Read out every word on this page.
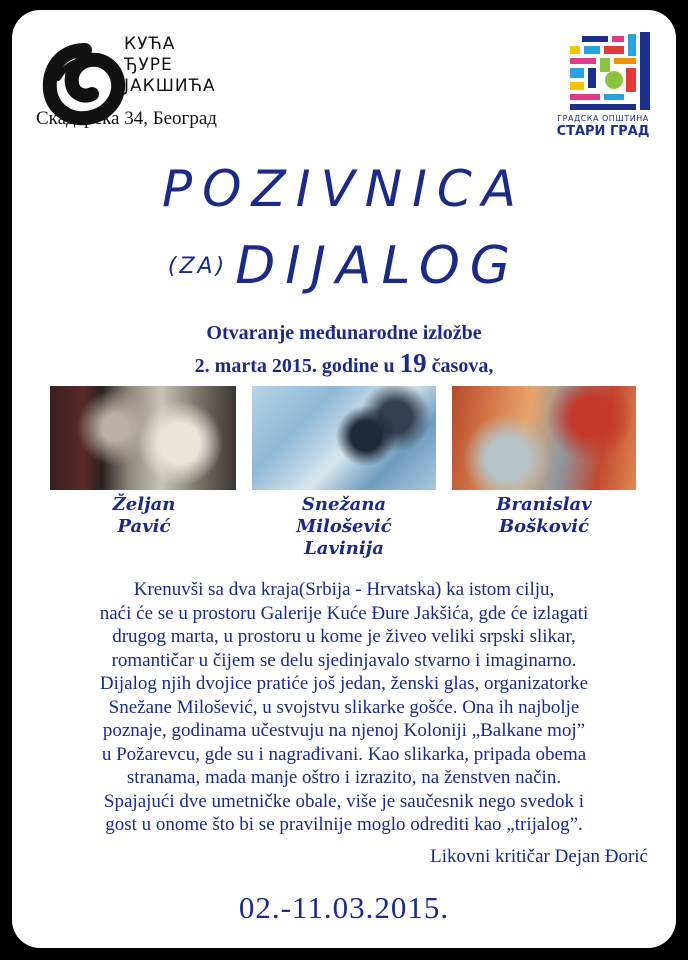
КУЋА
ЂУРЕ
ЈАКШИЋА
Скадарска 34, Београд	ГРАДСКА ОПШТИНА
СТАРИ ГРАД
POZIVNICA
(ZA) DIJALOG
Otvaranje međunarodne izložbe
2. marta 2015. godine u 19 časova,
Željan
Pavić
Snežana
Milošević
Lavinija
Branislav
Bošković
Krenuvši sa dva kraja(Srbija - Hrvatska) ka istom cilju,
naći će se u prostoru Galerije Kuće Đure Jakšića, gde će izlagati
drugog marta, u prostoru u kome je živeo veliki srpski slikar,
romantičar u čijem se delu sjedinjavalo stvarno i imaginarno.
Dijalog njih dvojice pratiće još jedan, ženski glas, organizatorke
Snežane Milošević, u svojstvu slikarke gošće. Ona ih najbolje
poznaje, godinama učestvuju na njenoj Koloniji „Balkane moj”
u Požarevcu, gde su i nagrađivani. Kao slikarka, pripada obema
stranama, mada manje oštro i izrazito, na ženstven način.
Spajajući dve umetničke obale, više je saučesnik nego svedok i
gost u onome što bi se pravilnije moglo odrediti kao „trijalog”.
Likovni kritičar Dejan Đorić
02.-11.03.2015.
